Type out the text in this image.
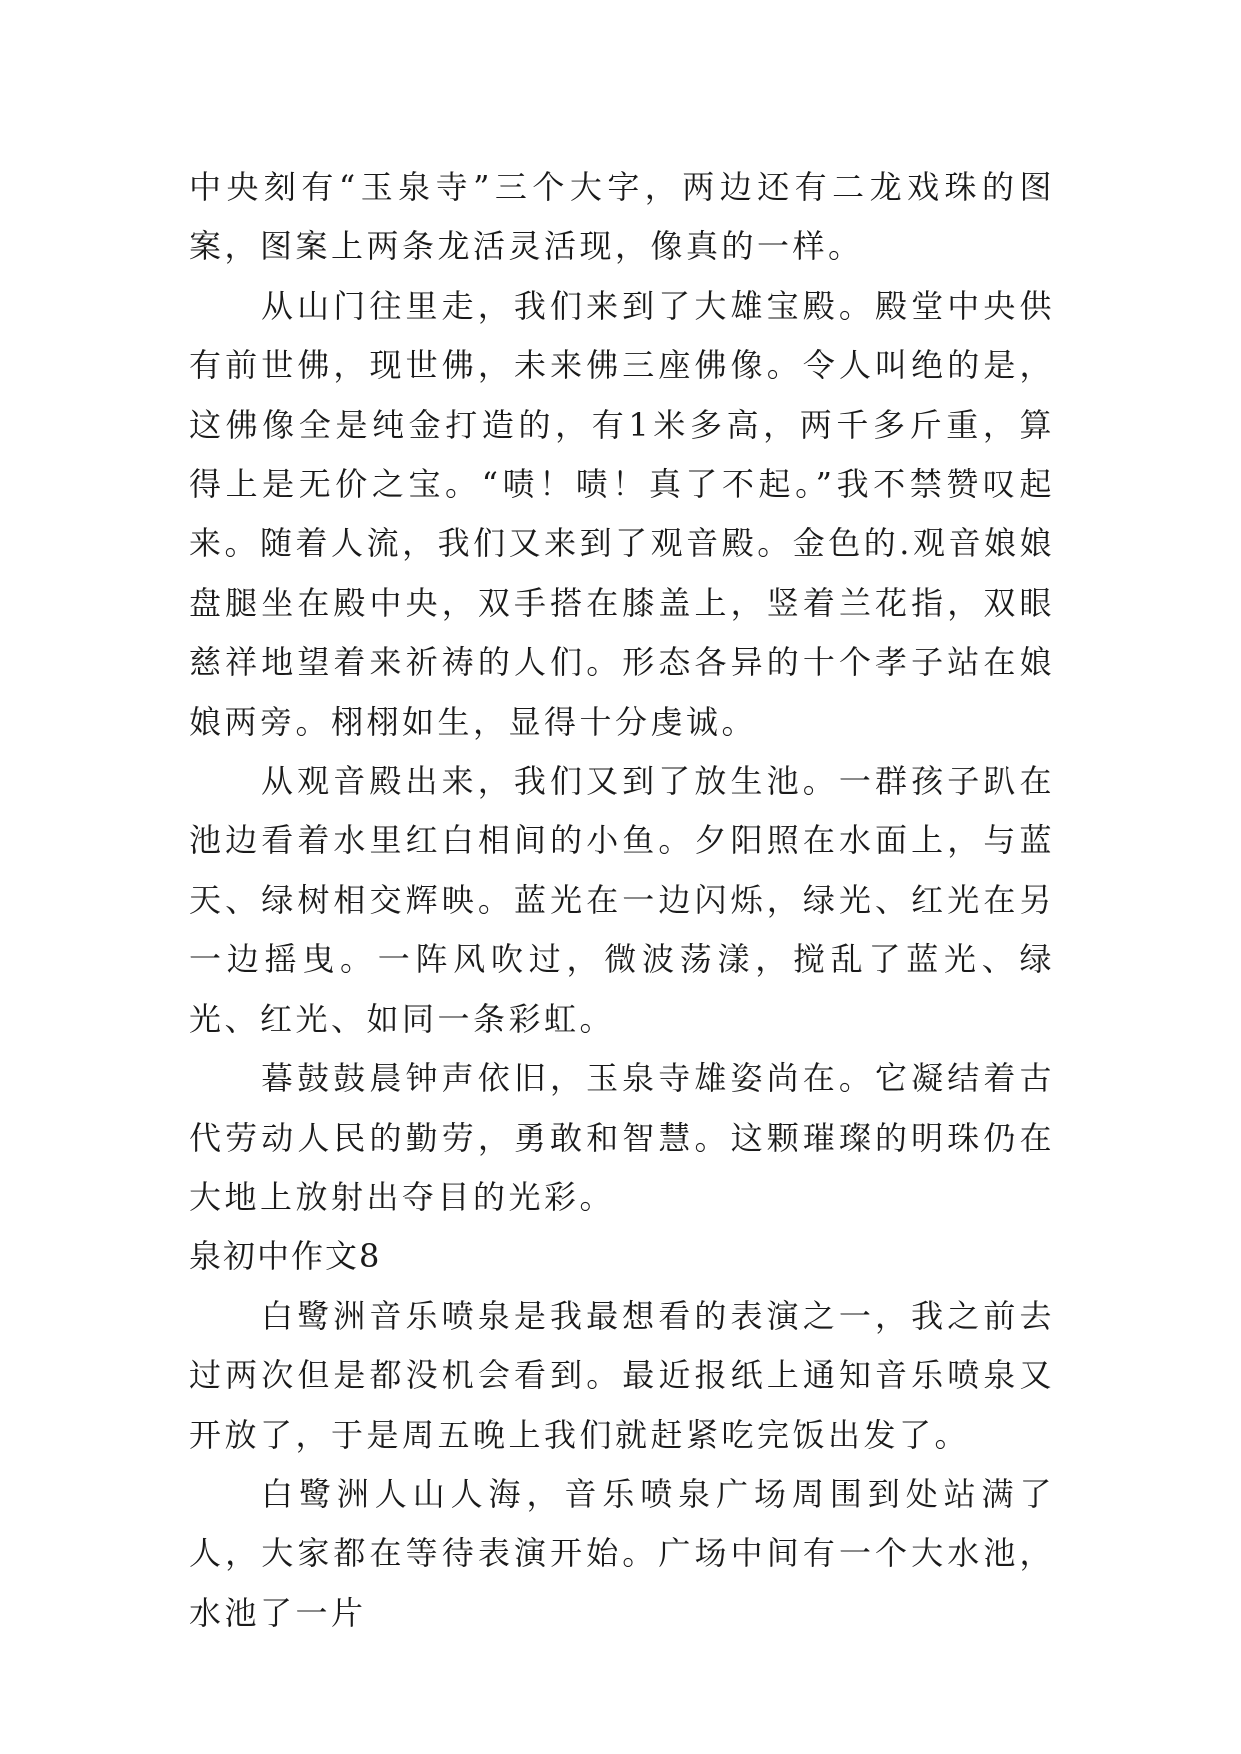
中央刻有“玉泉寺”三个大字，两边还有二龙戏珠的图案，图案上两条龙活灵活现，像真的一样。

从山门往里走，我们来到了大雄宝殿。殿堂中央供有前世佛，现世佛，未来佛三座佛像。令人叫绝的是，这佛像全是纯金打造的，有1米多高，两千多斤重，算得上是无价之宝。“啧！啧！真了不起。”我不禁赞叹起来。随着人流，我们又来到了观音殿。金色的.观音娘娘盘腿坐在殿中央，双手搭在膝盖上，竖着兰花指，双眼慈祥地望着来祈祷的人们。形态各异的十个孝子站在娘娘两旁。栩栩如生，显得十分虔诚。

从观音殿出来，我们又到了放生池。一群孩子趴在池边看着水里红白相间的小鱼。夕阳照在水面上，与蓝天、绿树相交辉映。蓝光在一边闪烁，绿光、红光在另一边摇曳。一阵风吹过，微波荡漾，搅乱了蓝光、绿光、红光、如同一条彩虹。

暮鼓鼓晨钟声依旧，玉泉寺雄姿尚在。它凝结着古代劳动人民的勤劳，勇敢和智慧。这颗璀璨的明珠仍在大地上放射出夺目的光彩。

泉初中作文8

白鹭洲音乐喷泉是我最想看的表演之一，我之前去过两次但是都没机会看到。最近报纸上通知音乐喷泉又开放了，于是周五晚上我们就赶紧吃完饭出发了。

白鹭洲人山人海，音乐喷泉广场周围到处站满了人，大家都在等待表演开始。广场中间有一个大水池，水池了一片
